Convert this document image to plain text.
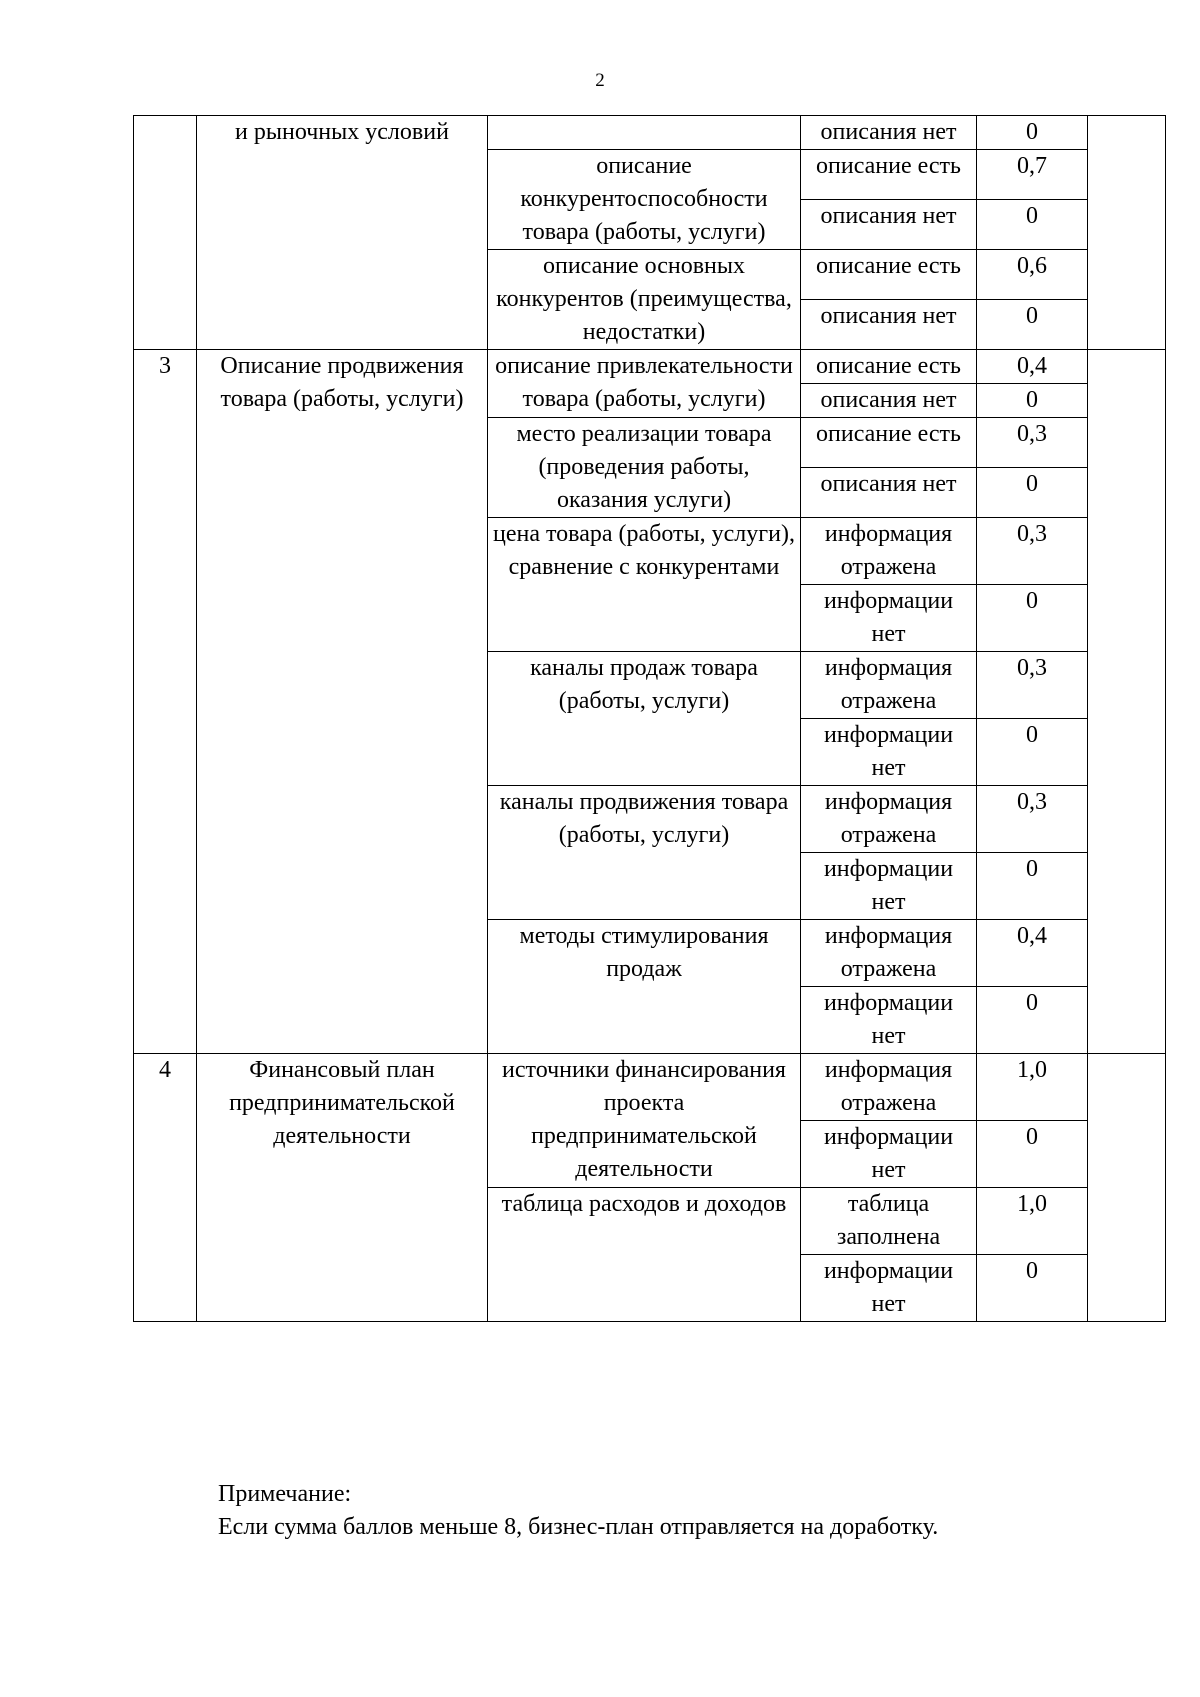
2
	и рыночных условий		описания нет	0	
		описание конкурентоспособности товара (работы, услуги)	описание есть	0,7	
			описания нет	0	
		описание основных конкурентов (преимущества, недостатки)	описание есть	0,6	
			описания нет	0	
3	Описание продвижения товара (работы, услуги)	описание привлекательности товара (работы, услуги)	описание есть	0,4	
			описания нет	0	
		место реализации товара (проведения работы, оказания услуги)	описание есть	0,3	
			описания нет	0	
		цена товара (работы, услуги), сравнение с конкурентами	информация отражена	0,3	
			информации нет	0	
		каналы продаж товара (работы, услуги)	информация отражена	0,3	
			информации нет	0	
		каналы продвижения товара (работы, услуги)	информация отражена	0,3	
			информации нет	0	
		методы стимулирования продаж	информация отражена	0,4	
			информации нет	0	
4	Финансовый план предпринимательской деятельности	источники финансирования проекта предпринимательской деятельности	информация отражена	1,0	
			информации нет	0	
		таблица расходов и доходов	таблица заполнена	1,0	
			информации нет	0	
Примечание:
Если сумма баллов меньше 8, бизнес-план отправляется на доработку.
